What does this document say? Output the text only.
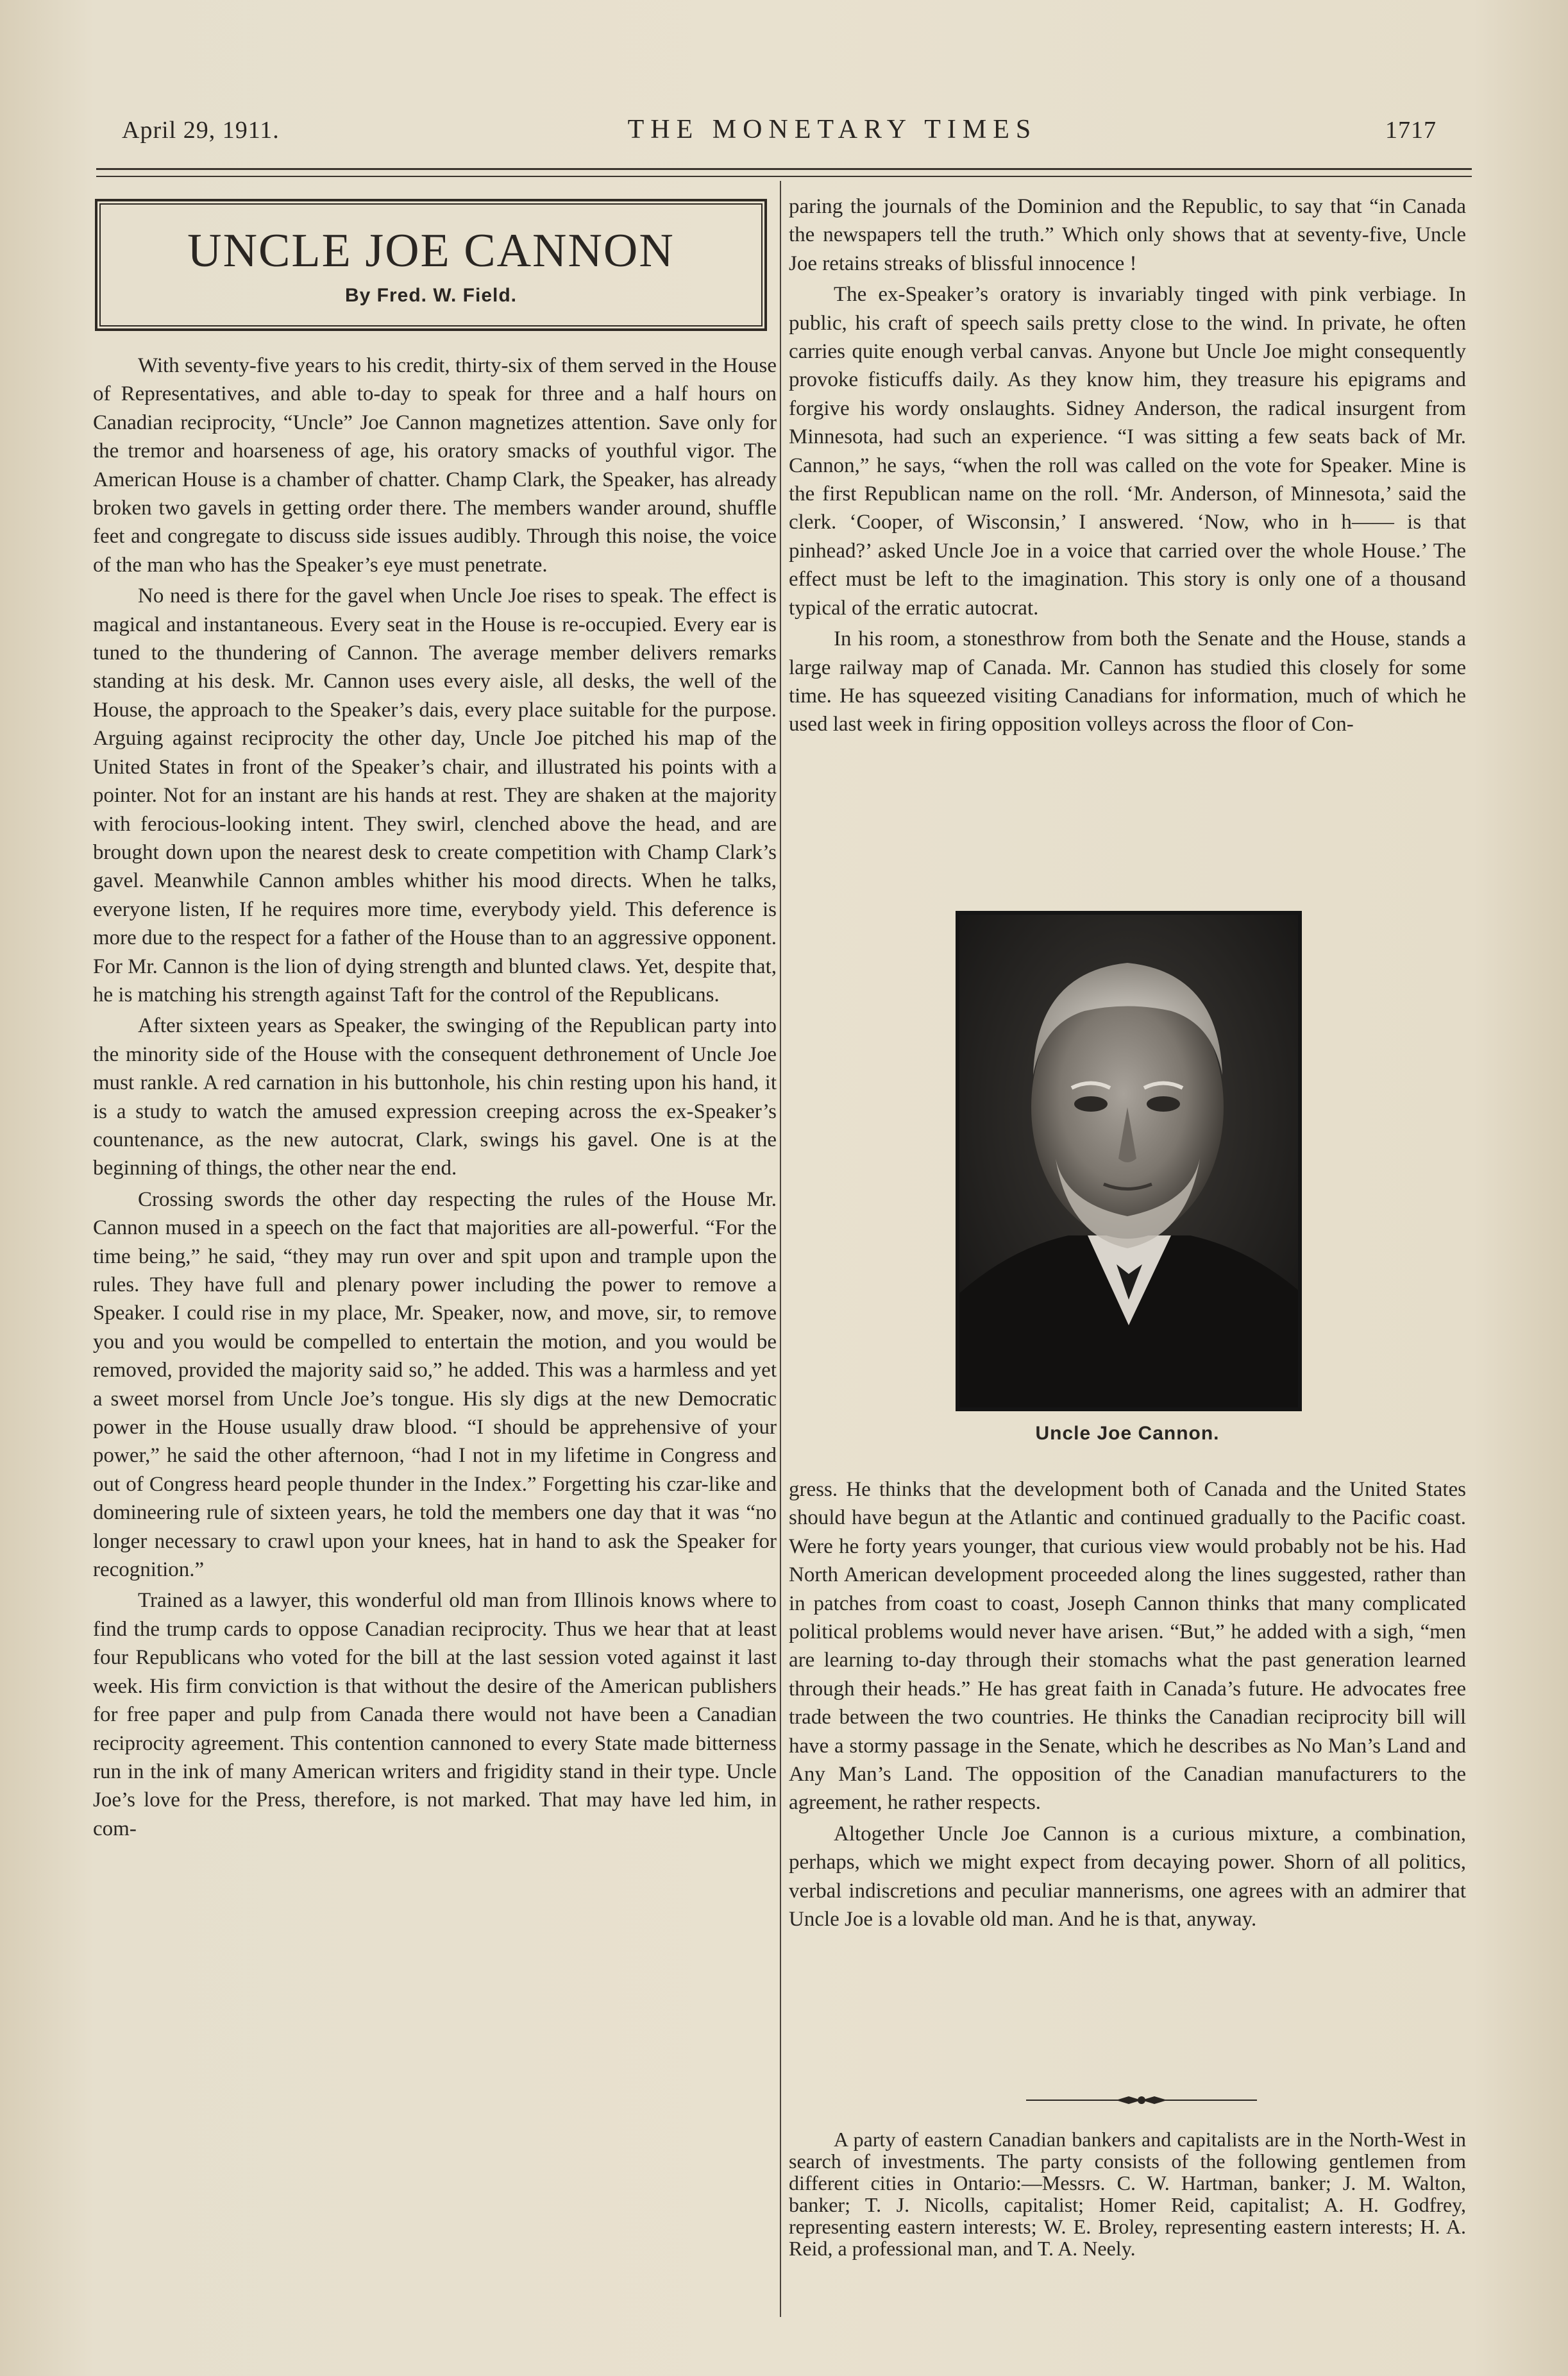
April 29, 1911.	THE MONETARY TIMES	1717
UNCLE JOE CANNON
By Fred. W. Field.

With seventy-five years to his credit, thirty-six of them served in the House of Representatives, and able to-day to speak for three and a half hours on Canadian reciprocity, “Uncle” Joe Cannon magnetizes attention. Save only for the tremor and hoarseness of age, his oratory smacks of youthful vigor. The American House is a chamber of chatter. Champ Clark, the Speaker, has already broken two gavels in getting order there. The members wander around, shuffle feet and congregate to discuss side issues audibly. Through this noise, the voice of the man who has the Speaker’s eye must penetrate.

No need is there for the gavel when Uncle Joe rises to speak. The effect is magical and instantaneous. Every seat in the House is re-occupied. Every ear is tuned to the thundering of Cannon. The average member delivers remarks standing at his desk. Mr. Cannon uses every aisle, all desks, the well of the House, the approach to the Speaker’s dais, every place suitable for the purpose. Arguing against reciprocity the other day, Uncle Joe pitched his map of the United States in front of the Speaker’s chair, and illustrated his points with a pointer. Not for an instant are his hands at rest. They are shaken at the majority with ferocious-looking intent. They swirl, clenched above the head, and are brought down upon the nearest desk to create competition with Champ Clark’s gavel. Meanwhile Cannon ambles whither his mood directs. When he talks, everyone listen, If he requires more time, everybody yield. This deference is more due to the respect for a father of the House than to an aggressive opponent. For Mr. Cannon is the lion of dying strength and blunted claws. Yet, despite that, he is matching his strength against Taft for the control of the Republicans.

After sixteen years as Speaker, the swinging of the Republican party into the minority side of the House with the consequent dethronement of Uncle Joe must rankle. A red carnation in his buttonhole, his chin resting upon his hand, it is a study to watch the amused expression creeping across the ex-Speaker’s countenance, as the new autocrat, Clark, swings his gavel. One is at the beginning of things, the other near the end.

Crossing swords the other day respecting the rules of the House Mr. Cannon mused in a speech on the fact that majorities are all-powerful. “For the time being,” he said, “they may run over and spit upon and trample upon the rules. They have full and plenary power including the power to remove a Speaker. I could rise in my place, Mr. Speaker, now, and move, sir, to remove you and you would be compelled to entertain the motion, and you would be removed, provided the majority said so,” he added. This was a harmless and yet a sweet morsel from Uncle Joe’s tongue. His sly digs at the new Democratic power in the House usually draw blood. “I should be apprehensive of your power,” he said the other afternoon, “had I not in my lifetime in Congress and out of Congress heard people thunder in the Index.” Forgetting his czar-like and domineering rule of sixteen years, he told the members one day that it was “no longer necessary to crawl upon your knees, hat in hand to ask the Speaker for recognition.”

Trained as a lawyer, this wonderful old man from Illinois knows where to find the trump cards to oppose Canadian reciprocity. Thus we hear that at least four Republicans who voted for the bill at the last session voted against it last week. His firm conviction is that without the desire of the American publishers for free paper and pulp from Canada there would not have been a Canadian reciprocity agreement. This contention cannoned to every State made bitterness run in the ink of many American writers and frigidity stand in their type. Uncle Joe’s love for the Press, therefore, is not marked. That may have led him, in com-

paring the journals of the Dominion and the Republic, to say that “in Canada the newspapers tell the truth.” Which only shows that at seventy-five, Uncle Joe retains streaks of blissful innocence !

The ex-Speaker’s oratory is invariably tinged with pink verbiage. In public, his craft of speech sails pretty close to the wind. In private, he often carries quite enough verbal canvas. Anyone but Uncle Joe might consequently provoke fisticuffs daily. As they know him, they treasure his epigrams and forgive his wordy onslaughts. Sidney Anderson, the radical insurgent from Minnesota, had such an experience. “I was sitting a few seats back of Mr. Cannon,” he says, “when the roll was called on the vote for Speaker. Mine is the first Republican name on the roll. ‘Mr. Anderson, of Minnesota,’ said the clerk. ‘Cooper, of Wisconsin,’ I answered. ‘Now, who in h—— is that pinhead?’ asked Uncle Joe in a voice that carried over the whole House.’ The effect must be left to the imagination. This story is only one of a thousand typical of the erratic autocrat.

In his room, a stonesthrow from both the Senate and the House, stands a large railway map of Canada. Mr. Cannon has studied this closely for some time. He has squeezed visiting Canadians for information, much of which he used last week in firing opposition volleys across the floor of Con-

Uncle Joe Cannon.

gress. He thinks that the development both of Canada and the United States should have begun at the Atlantic and continued gradually to the Pacific coast. Were he forty years younger, that curious view would probably not be his. Had North American development proceeded along the lines suggested, rather than in patches from coast to coast, Joseph Cannon thinks that many complicated political problems would never have arisen. “But,” he added with a sigh, “men are learning to-day through their stomachs what the past generation learned through their heads.” He has great faith in Canada’s future. He advocates free trade between the two countries. He thinks the Canadian reciprocity bill will have a stormy passage in the Senate, which he describes as No Man’s Land and Any Man’s Land. The opposition of the Canadian manufacturers to the agreement, he rather respects.

Altogether Uncle Joe Cannon is a curious mixture, a combination, perhaps, which we might expect from decaying power. Shorn of all politics, verbal indiscretions and peculiar mannerisms, one agrees with an admirer that Uncle Joe is a lovable old man. And he is that, anyway.

A party of eastern Canadian bankers and capitalists are in the North-West in search of investments. The party consists of the following gentlemen from different cities in Ontario:—Messrs. C. W. Hartman, banker; J. M. Walton, banker; T. J. Nicolls, capitalist; Homer Reid, capitalist; A. H. Godfrey, representing eastern interests; W. E. Broley, representing eastern interests; H. A. Reid, a professional man, and T. A. Neely.
